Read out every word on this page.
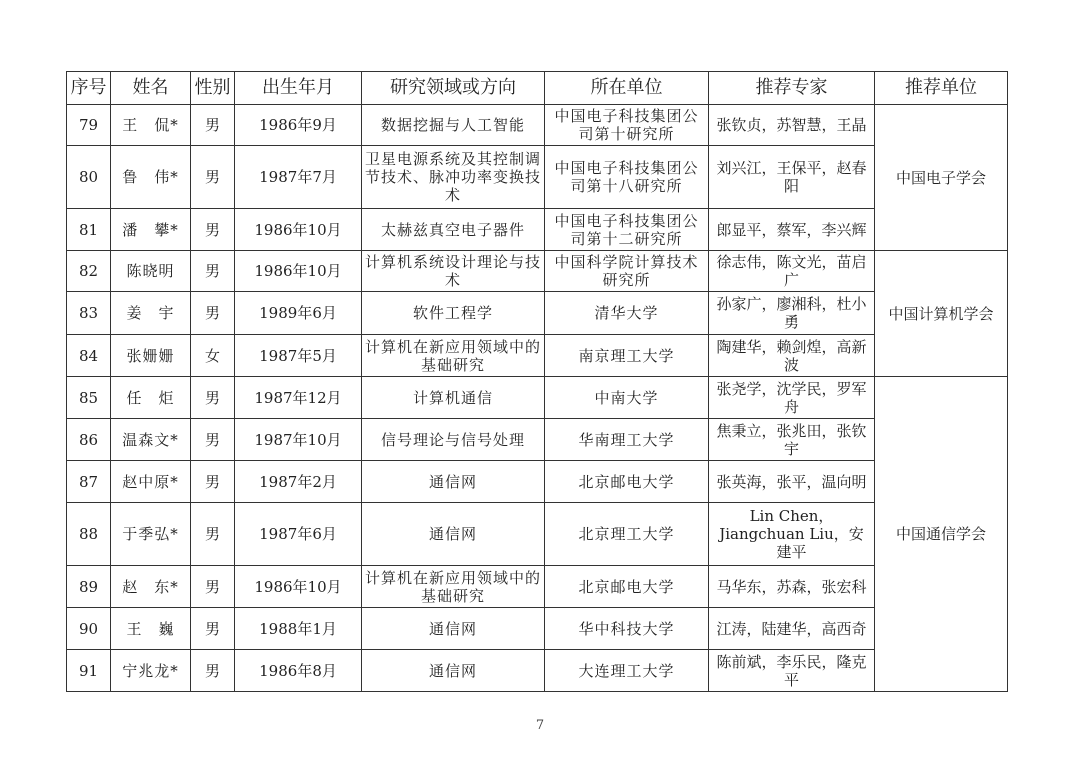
序号	姓名	性别	出生年月	研究领域或方向	所在单位	推荐专家	推荐单位
79	王　侃*	男	1986年9月	数据挖掘与人工智能	中国电子科技集团公司第十研究所	张钦贞，苏智慧，王晶	中国电子学会
80	鲁　伟*	男	1987年7月	卫星电源系统及其控制调节技术、脉冲功率变换技术	中国电子科技集团公司第十八研究所	刘兴江，王保平，赵春阳	
81	潘　攀*	男	1986年10月	太赫兹真空电子器件	中国电子科技集团公司第十二研究所	郎显平，蔡军，李兴辉	
82	陈晓明	男	1986年10月	计算机系统设计理论与技术	中国科学院计算技术研究所	徐志伟，陈文光，苗启广	中国计算机学会
83	姜　宇	男	1989年6月	软件工程学	清华大学	孙家广，廖湘科，杜小勇	
84	张姗姗	女	1987年5月	计算机在新应用领域中的基础研究	南京理工大学	陶建华，赖剑煌，高新波	
85	任　炬	男	1987年12月	计算机通信	中南大学	张尧学，沈学民，罗军舟	中国通信学会
86	温森文*	男	1987年10月	信号理论与信号处理	华南理工大学	焦秉立，张兆田，张钦宇	
87	赵中原*	男	1987年2月	通信网	北京邮电大学	张英海，张平，温向明	
88	于季弘*	男	1987年6月	通信网	北京理工大学	Lin Chen，Jiangchuan Liu，安建平	
89	赵　东*	男	1986年10月	计算机在新应用领域中的基础研究	北京邮电大学	马华东，苏森，张宏科	
90	王　巍	男	1988年1月	通信网	华中科技大学	江涛，陆建华，高西奇	
91	宁兆龙*	男	1986年8月	通信网	大连理工大学	陈前斌，李乐民，隆克平	
7
